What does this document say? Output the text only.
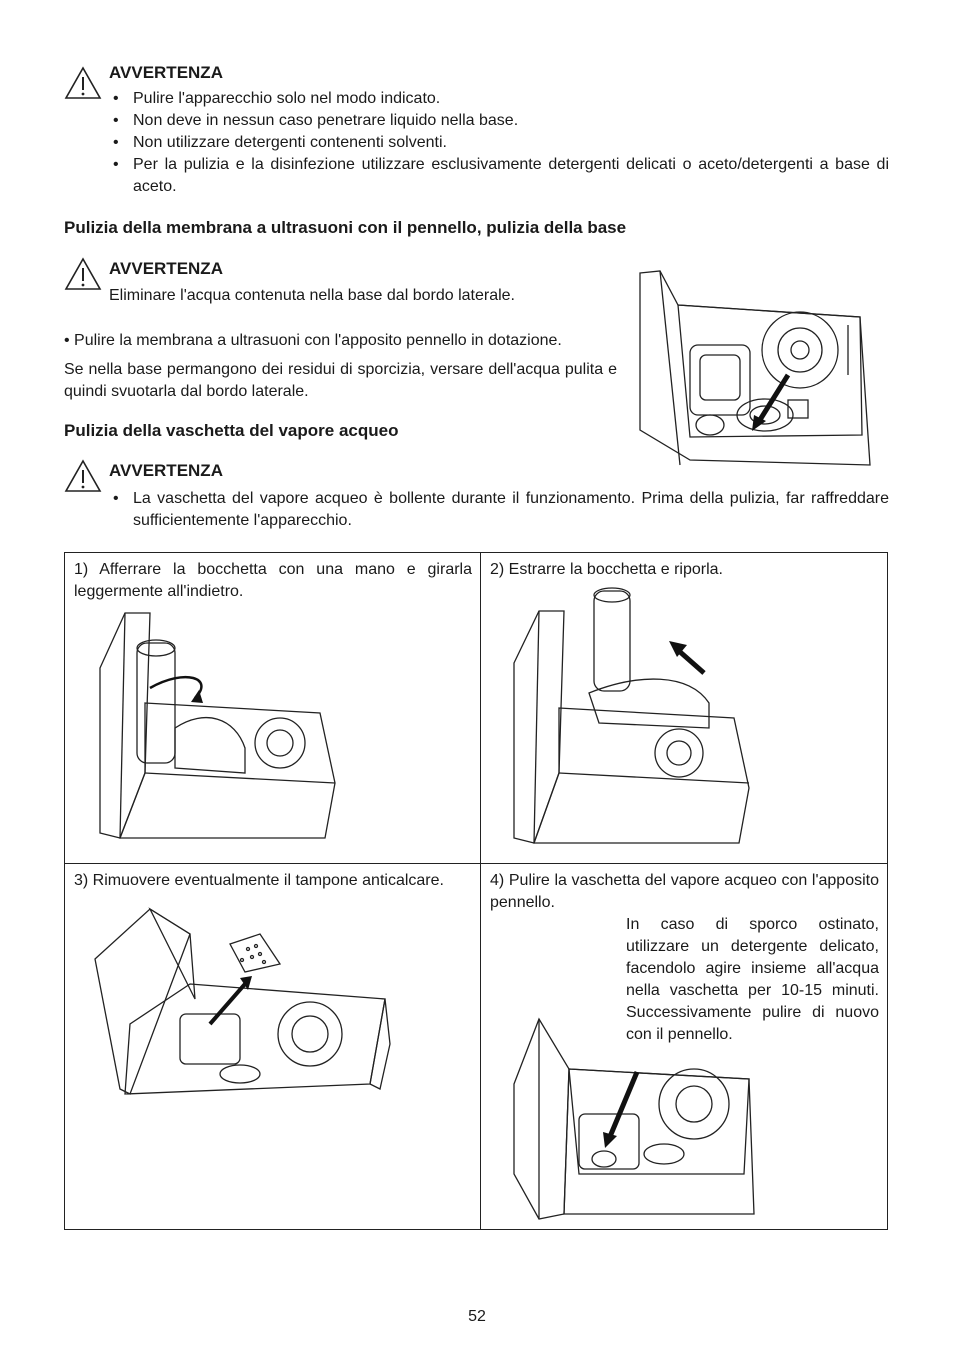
AVVERTENZA
• Pulire l'apparecchio solo nel modo indicato.
• Non deve in nessun caso penetrare liquido nella base.
• Non utilizzare detergenti contenenti solventi.
• Per la pulizia e la disinfezione utilizzare esclusivamente detergenti delicati o aceto/detergenti a base di aceto.
Pulizia della membrana a ultrasuoni con il pennello, pulizia della base
AVVERTENZA
Eliminare l'acqua contenuta nella base dal bordo laterale.
• Pulire la membrana a ultrasuoni con l'apposito pennello in dotazione.
Se nella base permangono dei residui di sporcizia, versare dell'acqua pulita e quindi svuotarla dal bordo laterale.
Pulizia della vaschetta del vapore acqueo
AVVERTENZA
• La vaschetta del vapore acqueo è bollente durante il funzionamento. Prima della pulizia, far raffreddare sufficientemente l'apparecchio.
1) Afferrare la bocchetta con una mano e girarla leggermente all'indietro.
2) Estrarre la bocchetta e riporla.
3) Rimuovere eventualmente il tampone anticalcare.	4) Pulire la vaschetta del vapore acqueo con l'apposito pennello.
In caso di sporco ostinato, utilizzare un detergente delicato, facendolo agire insieme all'acqua nella vaschetta per 10-15 minuti. Successivamente pulire di nuovo con il pennello.
52
